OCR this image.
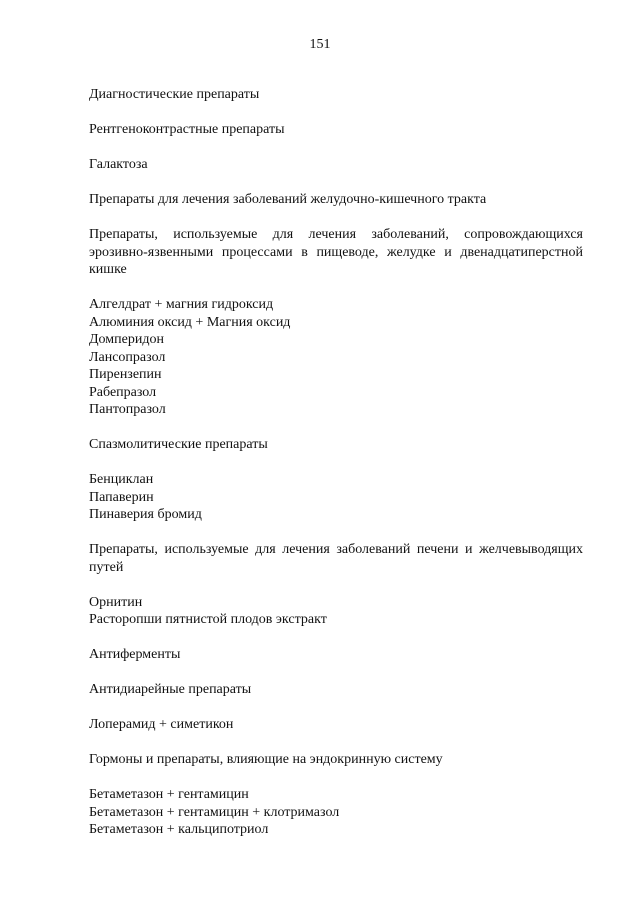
151

Диагностические препараты

Рентгеноконтрастные препараты

Галактоза

Препараты для лечения заболеваний желудочно-кишечного тракта

Препараты, используемые для лечения заболеваний, сопровождающихся эрозивно-язвенными процессами в пищеводе, желудке и двенадцатиперстной кишке

Алгелдрат + магния гидроксид
Алюминия оксид + Магния оксид
Домперидон
Лансопразол
Пирензепин
Рабепразол
Пантопразол

Спазмолитические препараты

Бенциклан
Папаверин
Пинаверия бромид

Препараты, используемые для лечения заболеваний печени и желчевыводящих путей

Орнитин
Расторопши пятнистой плодов экстракт

Антиферменты

Антидиарейные препараты

Лоперамид + симетикон

Гормоны и препараты, влияющие на эндокринную систему

Бетаметазон + гентамицин
Бетаметазон + гентамицин + клотримазол
Бетаметазон + кальципотриол
